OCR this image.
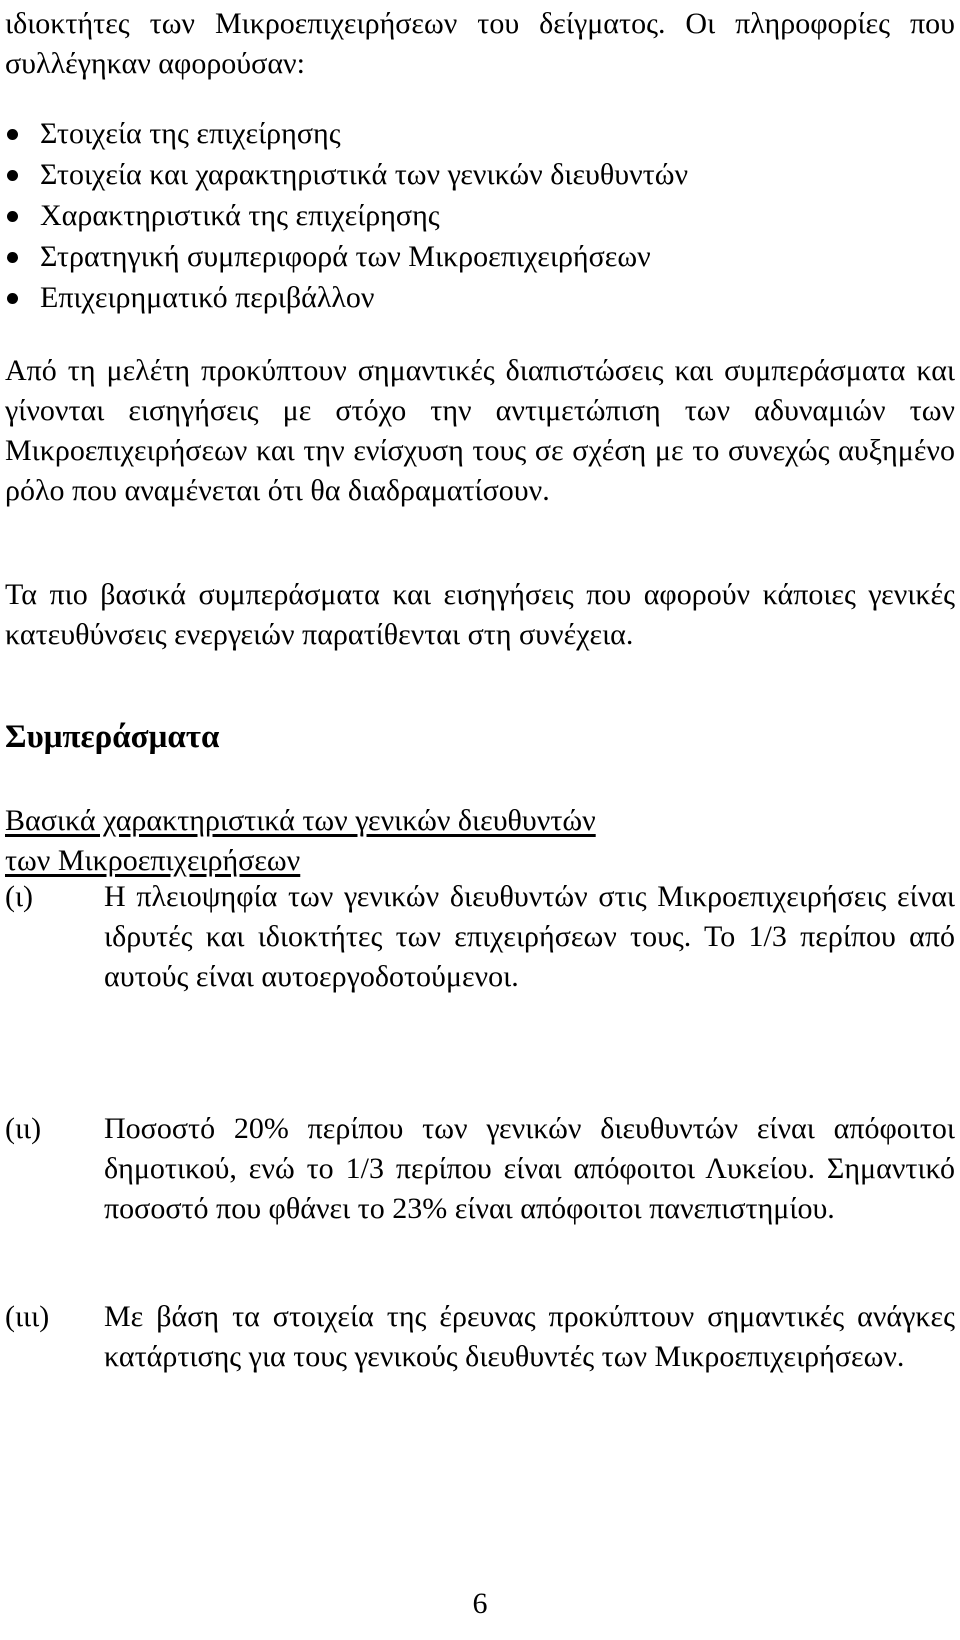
ιδιοκτήτες των Μικροεπιχειρήσεων του δείγματος. Οι πληροφορίες που συλλέγηκαν αφορούσαν:
Στοιχεία της επιχείρησης
Στοιχεία και χαρακτηριστικά των γενικών διευθυντών
Χαρακτηριστικά της επιχείρησης
Στρατηγική συμπεριφορά των Μικροεπιχειρήσεων
Επιχειρηματικό περιβάλλον
Από τη μελέτη προκύπτουν σημαντικές διαπιστώσεις και συμπεράσματα και γίνονται εισηγήσεις με στόχο την αντιμετώπιση των αδυναμιών των Μικροεπιχειρήσεων και την ενίσχυση τους σε σχέση με το συνεχώς αυξημένο ρόλο που αναμένεται ότι θα διαδραματίσουν.
Τα πιο βασικά συμπεράσματα και εισηγήσεις που αφορούν κάποιες γενικές κατευθύνσεις ενεργειών παρατίθενται στη συνέχεια.
Συμπεράσματα
Βασικά χαρακτηριστικά των γενικών διευθυντών
των Μικροεπιχειρήσεων
(ι) Η πλειοψηφία των γενικών διευθυντών στις Μικροεπιχειρήσεις είναι ιδρυτές και ιδιοκτήτες των επιχειρήσεων τους. Το 1/3 περίπου από αυτούς είναι αυτοεργοδοτούμενοι.
(ιι) Ποσοστό 20% περίπου των γενικών διευθυντών είναι απόφοιτοι δημοτικού, ενώ το 1/3 περίπου είναι απόφοιτοι Λυκείου. Σημαντικό ποσοστό που φθάνει το 23% είναι απόφοιτοι πανεπιστημίου.
(ιιι) Με βάση τα στοιχεία της έρευνας προκύπτουν σημαντικές ανάγκες κατάρτισης για τους γενικούς διευθυντές των Μικροεπιχειρήσεων.
6
